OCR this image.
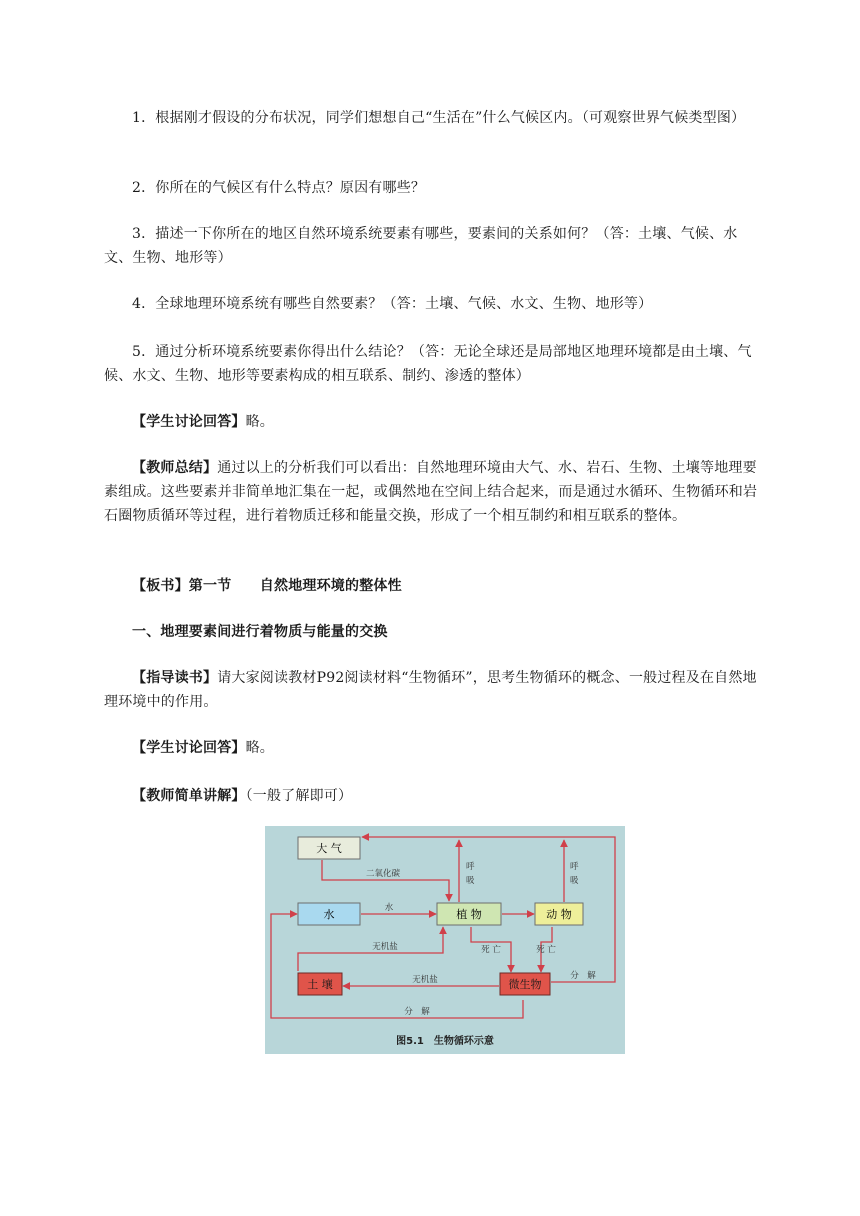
1．根据刚才假设的分布状况，同学们想想自己“生活在”什么气候区内。（可观察世界气候类型图）

2．你所在的气候区有什么特点？原因有哪些？

3．描述一下你所在的地区自然环境系统要素有哪些，要素间的关系如何？（答：土壤、气候、水文、生物、地形等）

4．全球地理环境系统有哪些自然要素？（答：土壤、气候、水文、生物、地形等）

5．通过分析环境系统要素你得出什么结论？（答：无论全球还是局部地区地理环境都是由土壤、气候、水文、生物、地形等要素构成的相互联系、制约、渗透的整体）

【学生讨论回答】略。

【教师总结】通过以上的分析我们可以看出：自然地理环境由大气、水、岩石、生物、土壤等地理要素组成。这些要素并非简单地汇集在一起，或偶然地在空间上结合起来，而是通过水循环、生物循环和岩石圈物质循环等过程，进行着物质迁移和能量交换，形成了一个相互制约和相互联系的整体。

【板书】第一节　　自然地理环境的整体性

一、地理要素间进行着物质与能量的交换

【指导读书】请大家阅读教材P92阅读材料“生物循环”，思考生物循环的概念、一般过程及在自然地理环境中的作用。

【学生讨论回答】略。

【教师简单讲解】（一般了解即可）

大 气
水	植 物	动 物
土 壤	微生物
二氧化碳
水
呼
吸
呼
吸
无机盐	死 亡	死 亡
无机盐	分　解
分　解
图5.1　生物循环示意
